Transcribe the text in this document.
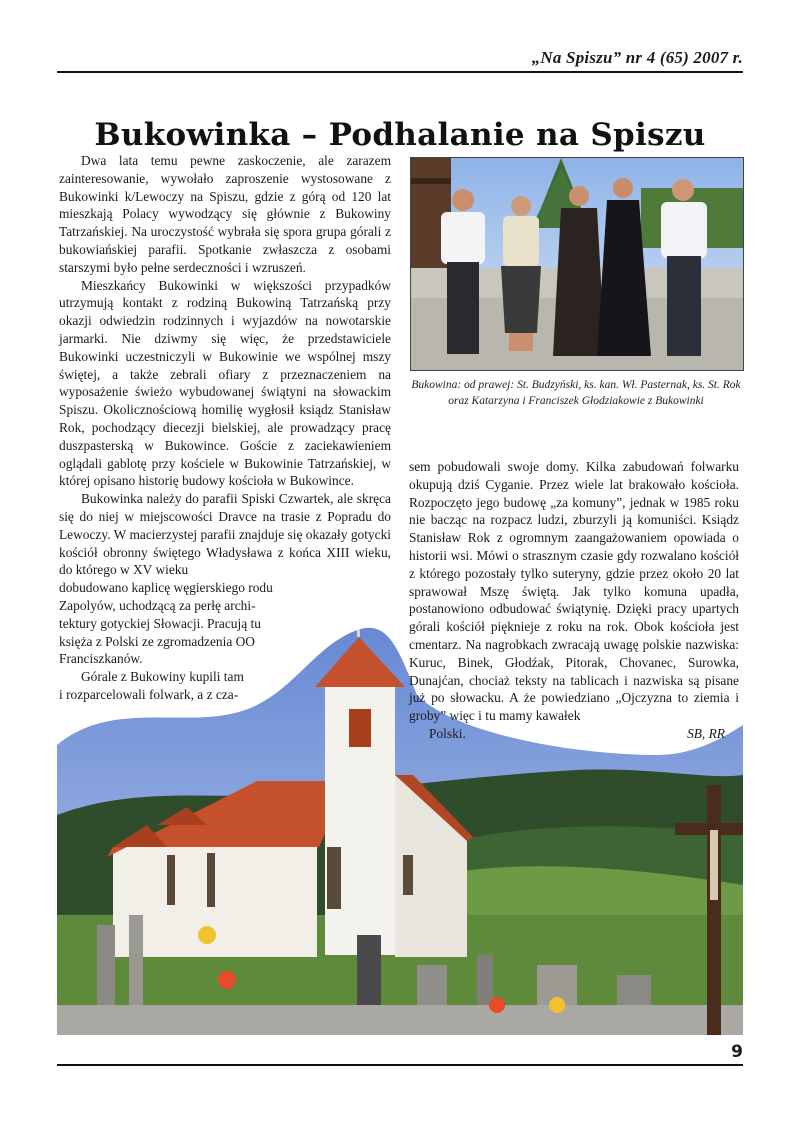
„Na Spiszu” nr 4 (65) 2007 r.
Bukowinka – Podhalanie na Spiszu
Bukowina: od prawej: St. Budzyński, ks. kan. Wł. Pasternak, ks. St. Rok oraz Katarzyna i Franciszek Głodziakowie z Bukowinki

Dwa lata temu pewne zaskoczenie, ale zarazem zainteresowanie, wywołało zaproszenie wystosowane z Bukowinki k/Lewoczy na Spiszu, gdzie z górą od 120 lat mieszkają Polacy wywodzący się głównie z Bukowiny Tatrzańskiej. Na uroczystość wybrała się spora grupa górali z bukowiańskiej parafii. Spotkanie zwłaszcza z osobami starszymi było pełne serdeczności i wzruszeń.

Mieszkańcy Bukowinki w większości przypadków utrzymują kontakt z rodziną Bukowiną Tatrzańską przy okazji odwiedzin rodzinnych i wyjazdów na nowotarskie jarmarki. Nie dziwmy się więc, że przedstawiciele Bukowinki uczestniczyli w Bukowinie we wspólnej mszy świętej, a także zebrali ofiary z przeznaczeniem na wyposażenie świeżo wybudowanej świątyni na słowackim Spiszu. Okolicznościową homilię wygłosił ksiądz Stanisław Rok, pochodzący diecezji bielskiej, ale prowadzący pracę duszpasterską w Bukowince. Goście z zaciekawieniem oglądali gablotę przy kościele w Bukowinie Tatrzańskiej, w której opisano historię budowy kościoła w Bukowince.

Bukowinka należy do parafii Spiski Czwartek, ale skręca się do niej w miejscowości Dravce na trasie z Popradu do Lewoczy. W macierzystej parafii znajduje się okazały gotycki kościół obronny świętego Władysława z końca XIII wieku, do którego w XV wieku

dobudowano kaplicę węgierskiego rodu

Zapolyów, uchodzącą za perłę archi-

tektury gotyckiej Słowacji. Pracują tu

księża z Polski ze zgromadzenia OO

Franciszkanów.

Górale z Bukowiny kupili tam

i rozparcelowali folwark, a z cza-

sem pobudowali swoje domy. Kilka zabudowań folwarku okupują dziś Cyganie. Przez wiele lat brakowało kościoła. Rozpoczęto jego budowę „za komuny”, jednak w 1985 roku nie bacząc na rozpacz ludzi, zburzyli ją komuniści. Ksiądz Stanisław Rok z ogromnym zaangażowaniem opowiada o historii wsi. Mówi o strasznym czasie gdy rozwalano kościół z którego pozostały tylko suteryny, gdzie przez około 20 lat sprawował Mszę świętą. Jak tylko komuna upadła, postanowiono odbudować świątynię. Dzięki pracy upartych górali kościół pięknieje z roku na rok. Obok kościoła jest cmentarz. Na nagrobkach zwracają uwagę polskie nazwiska: Kuruc, Binek, Głodźak, Pitorak, Chovanec, Surowka, Dunajćan, chociaż teksty na tablicach i nazwiska są pisane już po słowacku. A że powiedziano „Ojczyzna to ziemia i groby” więc i tu mamy kawałek

Polski.	SB, RR

9
